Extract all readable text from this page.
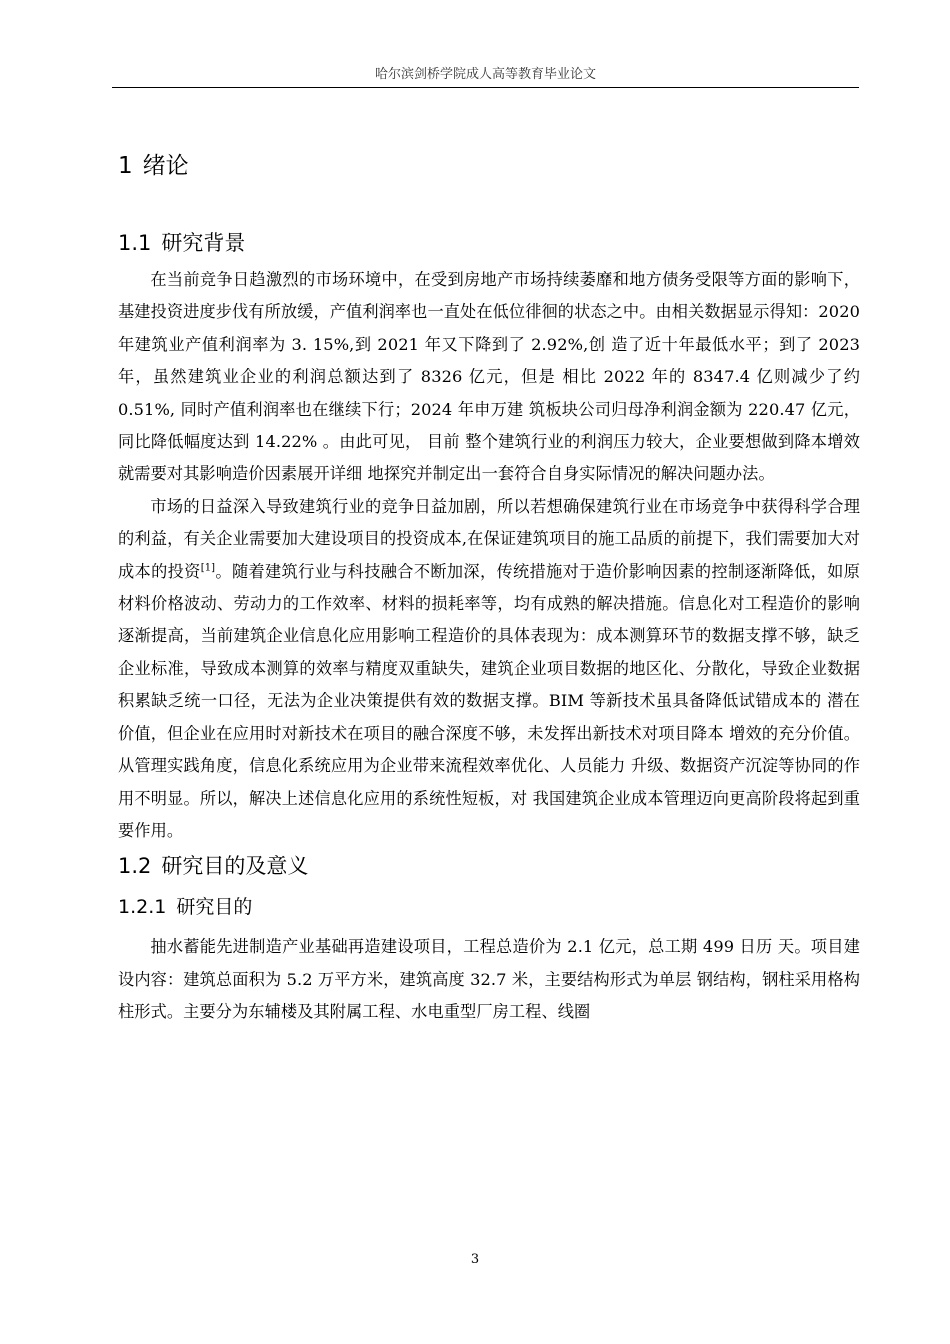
哈尔滨剑桥学院成人高等教育毕业论文
1 绪论
1.1 研究背景

在当前竞争日趋激烈的市场环境中，在受到房地产市场持续萎靡和地方债务受限等方面的影响下，基建投资进度步伐有所放缓，产值利润率也一直处在低位徘徊的状态之中。由相关数据显示得知：2020 年建筑业产值利润率为 3. 15%,到 2021 年又下降到了 2.92%,创 造了近十年最低水平；到了 2023 年，虽然建筑业企业的利润总额达到了 8326 亿元，但是 相比 2022 年的 8347.4 亿则减少了约 0.51%, 同时产值利润率也在继续下行；2024 年申万建 筑板块公司归母净利润金额为 220.47 亿元，同比降低幅度达到 14.22% 。由此可见， 目前 整个建筑行业的利润压力较大，企业要想做到降本增效就需要对其影响造价因素展开详细 地探究并制定出一套符合自身实际情况的解决问题办法。

市场的日益深入导致建筑行业的竞争日益加剧，所以若想确保建筑行业在市场竞争中获得科学合理的利益，有关企业需要加大建设项目的投资成本,在保证建筑项目的施工品质的前提下，我们需要加大对成本的投资[1]。随着建筑行业与科技融合不断加深，传统措施对于造价影响因素的控制逐渐降低，如原材料价格波动、劳动力的工作效率、材料的损耗率等，均有成熟的解决措施。信息化对工程造价的影响逐渐提高，当前建筑企业信息化应用影响工程造价的具体表现为：成本测算环节的数据支撑不够，缺乏企业标准，导致成本测算的效率与精度双重缺失，建筑企业项目数据的地区化、分散化，导致企业数据积累缺乏统一口径，无法为企业决策提供有效的数据支撑。BIM 等新技术虽具备降低试错成本的 潜在价值，但企业在应用时对新技术在项目的融合深度不够，未发挥出新技术对项目降本 增效的充分价值。从管理实践角度，信息化系统应用为企业带来流程效率优化、人员能力 升级、数据资产沉淀等协同的作用不明显。所以，解决上述信息化应用的系统性短板，对 我国建筑企业成本管理迈向更高阶段将起到重要作用。

1.2 研究目的及意义
1.2.1 研究目的

抽水蓄能先进制造产业基础再造建设项目，工程总造价为 2.1 亿元，总工期 499 日历 天。项目建设内容：建筑总面积为 5.2 万平方米，建筑高度 32.7 米，主要结构形式为单层 钢结构，钢柱采用格构柱形式。主要分为东辅楼及其附属工程、水电重型厂房工程、线圈

3
